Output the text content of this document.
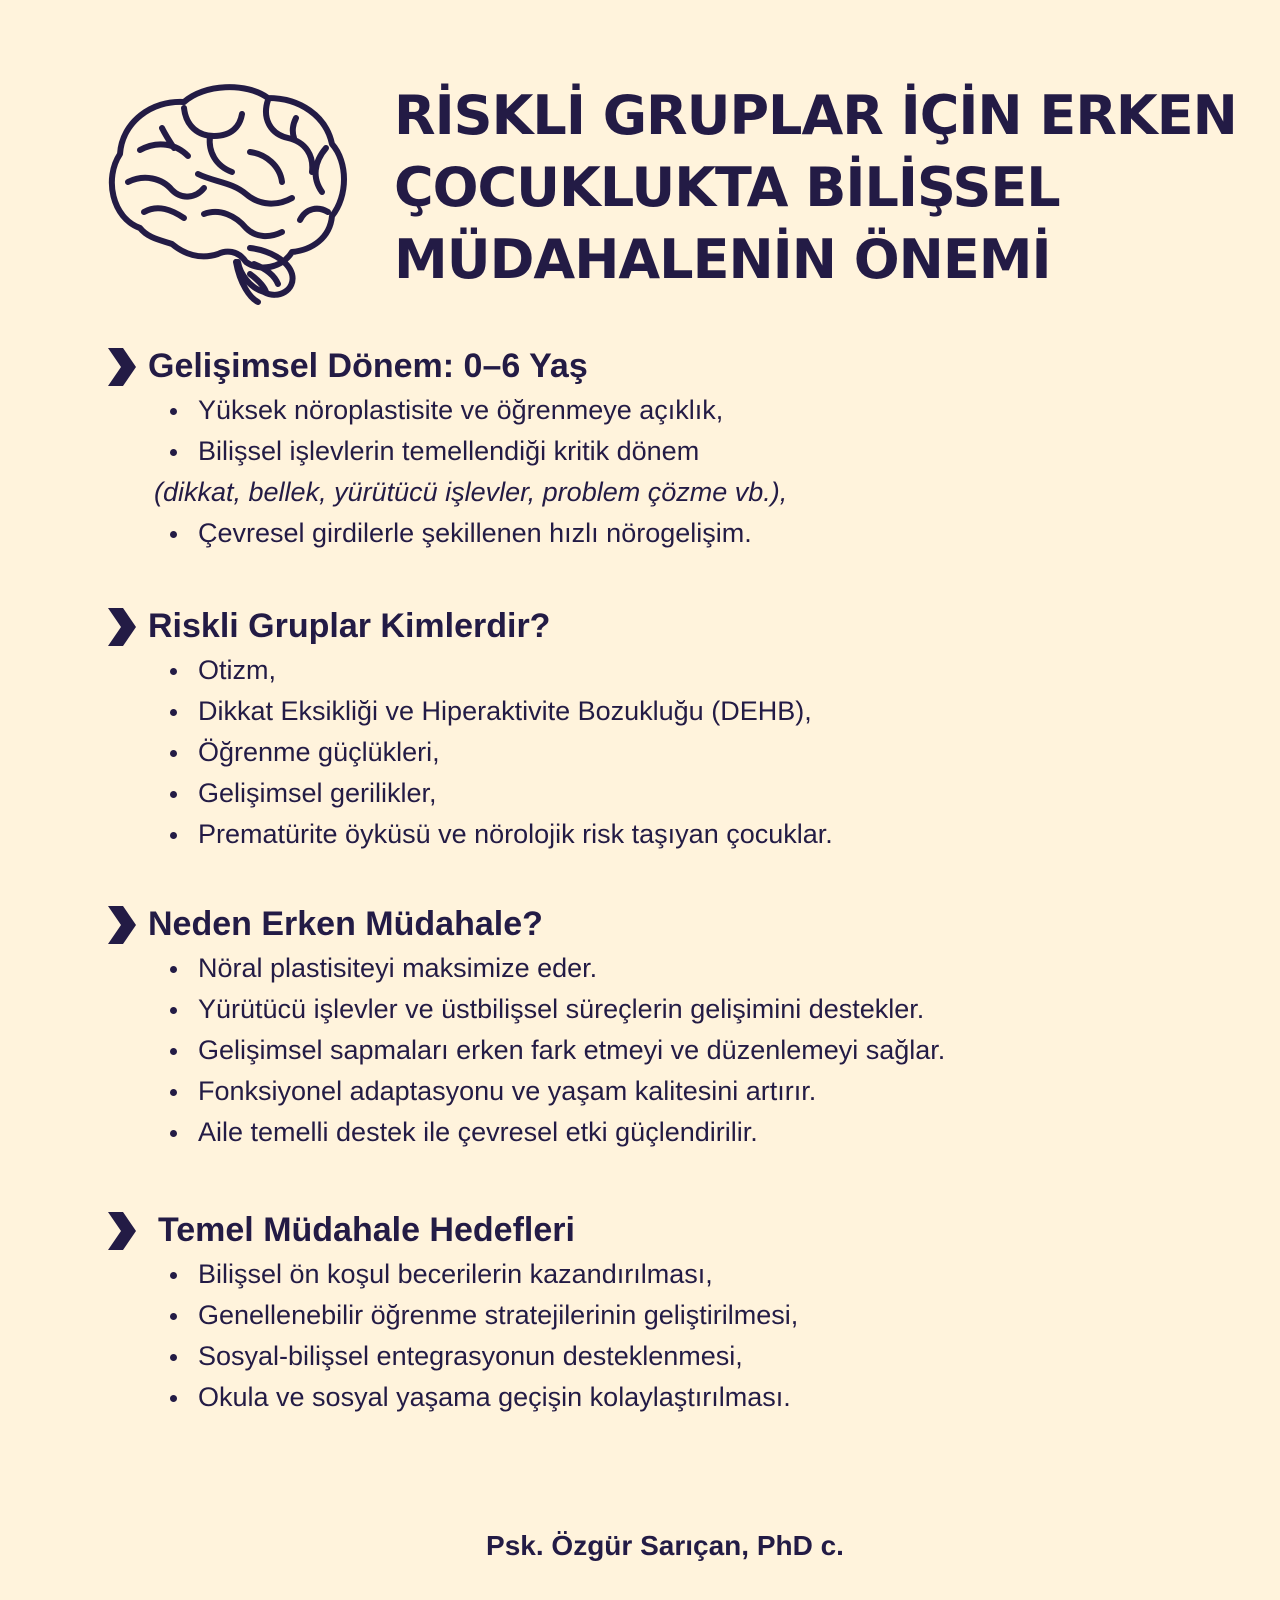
RİSKLİ GRUPLAR İÇİN ERKEN
ÇOCUKLUKTA BİLİŞSEL
MÜDAHALENİN ÖNEMİ
Gelişimsel Dönem: 0–6 Yaş
Yüksek nöroplastisite ve öğrenmeye açıklık,
Bilişsel işlevlerin temellendiği kritik dönem
(dikkat, bellek, yürütücü işlevler, problem çözme vb.),
Çevresel girdilerle şekillenen hızlı nörogelişim.
Riskli Gruplar Kimlerdir?
Otizm,
Dikkat Eksikliği ve Hiperaktivite Bozukluğu (DEHB),
Öğrenme güçlükleri,
Gelişimsel gerilikler,
Prematürite öyküsü ve nörolojik risk taşıyan çocuklar.
Neden Erken Müdahale?
Nöral plastisiteyi maksimize eder.
Yürütücü işlevler ve üstbilişsel süreçlerin gelişimini destekler.
Gelişimsel sapmaları erken fark etmeyi ve düzenlemeyi sağlar.
Fonksiyonel adaptasyonu ve yaşam kalitesini artırır.
Aile temelli destek ile çevresel etki güçlendirilir.
Temel Müdahale Hedefleri
Bilişsel ön koşul becerilerin kazandırılması,
Genellenebilir öğrenme stratejilerinin geliştirilmesi,
Sosyal-bilişsel entegrasyonun desteklenmesi,
Okula ve sosyal yaşama geçişin kolaylaştırılması.
Psk. Özgür Sarıçan, PhD c.
